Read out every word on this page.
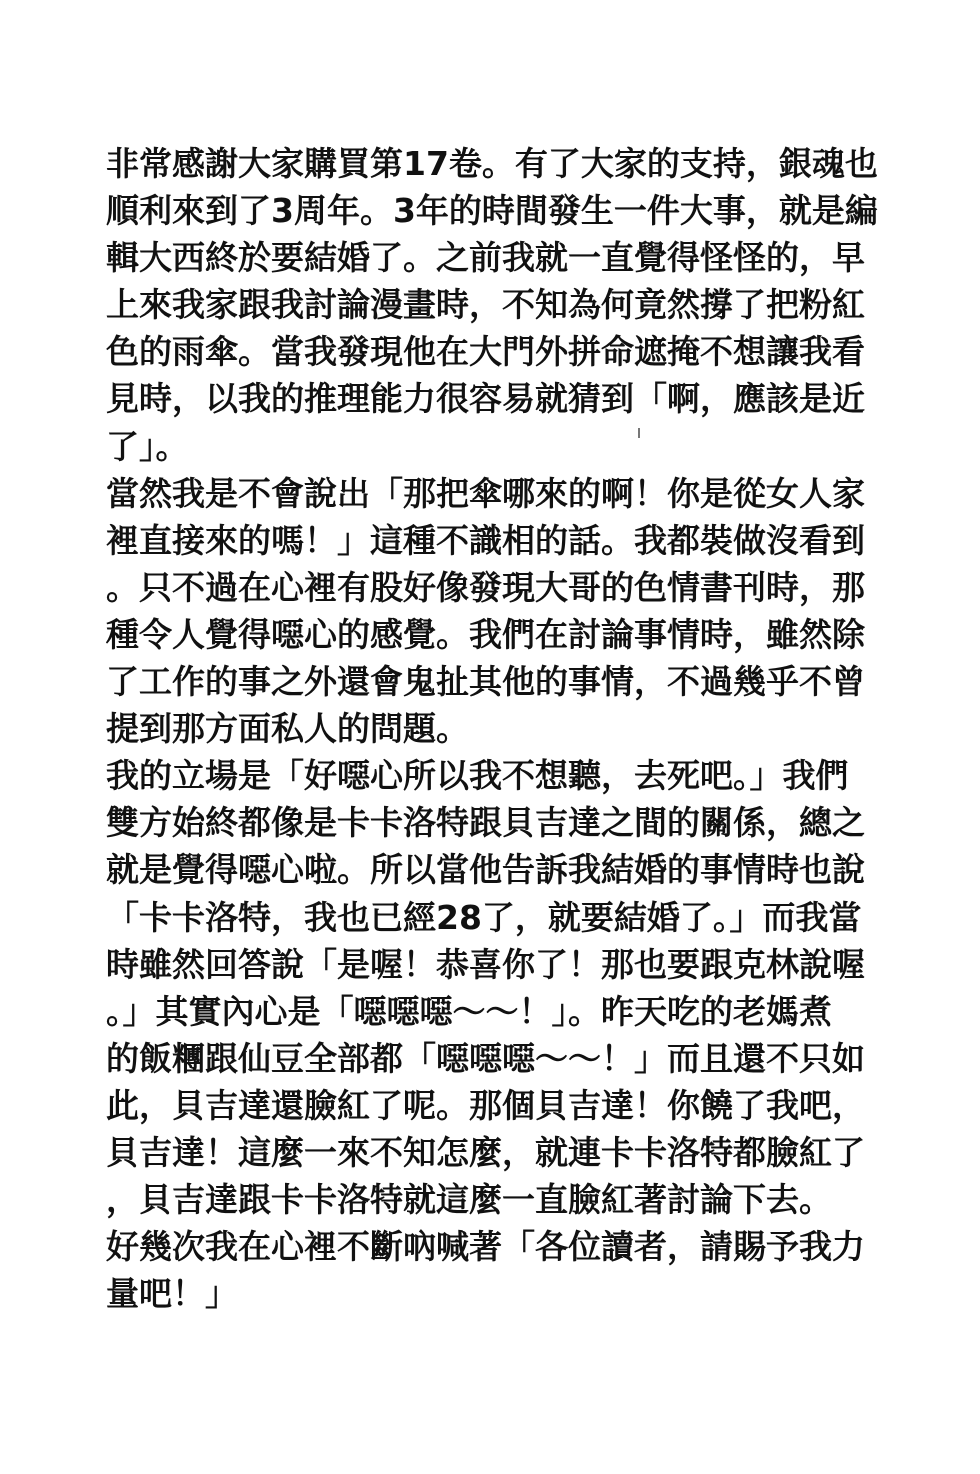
非常感謝大家購買第17卷。有了大家的支持，銀魂也
順利來到了3周年。3年的時間發生一件大事，就是編
輯大西終於要結婚了。之前我就一直覺得怪怪的，早
上來我家跟我討論漫畫時，不知為何竟然撐了把粉紅
色的雨傘。當我發現他在大門外拼命遮掩不想讓我看
見時，以我的推理能力很容易就猜到「啊，應該是近
了」。
當然我是不會說出「那把傘哪來的啊！你是從女人家
裡直接來的嗎！」這種不識相的話。我都裝做沒看到
。只不過在心裡有股好像發現大哥的色情書刊時，那
種令人覺得噁心的感覺。我們在討論事情時，雖然除
了工作的事之外還會鬼扯其他的事情，不過幾乎不曾
提到那方面私人的問題。
我的立場是「好噁心所以我不想聽，去死吧。」我們
雙方始終都像是卡卡洛特跟貝吉達之間的關係，總之
就是覺得噁心啦。所以當他告訴我結婚的事情時也說
「卡卡洛特，我也已經28了，就要結婚了。」而我當
時雖然回答說「是喔！恭喜你了！那也要跟克林說喔
。」其實內心是「噁噁噁～～！」。昨天吃的老媽煮
的飯糰跟仙豆全部都「噁噁噁～～！」而且還不只如
此，貝吉達還臉紅了呢。那個貝吉達！你饒了我吧，
貝吉達！這麼一來不知怎麼，就連卡卡洛特都臉紅了
，貝吉達跟卡卡洛特就這麼一直臉紅著討論下去。
好幾次我在心裡不斷吶喊著「各位讀者，請賜予我力
量吧！」
